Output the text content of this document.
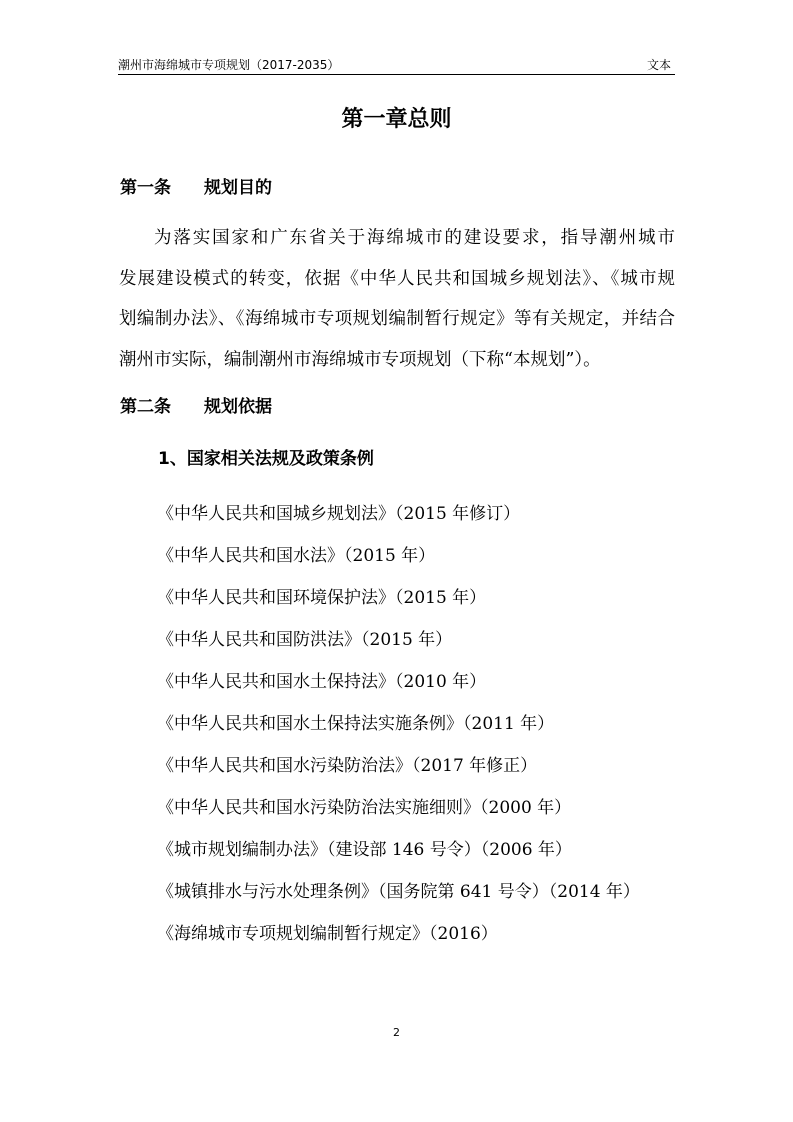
潮州市海绵城市专项规划（2017-2035）	文本
第一章总则
第一条 规划目的
为落实国家和广东省关于海绵城市的建设要求，指导潮州城市
发展建设模式的转变，依据《中华人民共和国城乡规划法》、《城市规
划编制办法》、《海绵城市专项规划编制暂行规定》等有关规定，并结合
潮州市实际，编制潮州市海绵城市专项规划（下称“本规划”）。
第二条 规划依据
1、国家相关法规及政策条例
《中华人民共和国城乡规划法》（2015 年修订）
《中华人民共和国水法》（2015 年）
《中华人民共和国环境保护法》（2015 年）
《中华人民共和国防洪法》（2015 年）
《中华人民共和国水土保持法》（2010 年）
《中华人民共和国水土保持法实施条例》（2011 年）
《中华人民共和国水污染防治法》（2017 年修正）
《中华人民共和国水污染防治法实施细则》（2000 年）
《城市规划编制办法》（建设部 146 号令）（2006 年）
《城镇排水与污水处理条例》（国务院第 641 号令）（2014 年）
《海绵城市专项规划编制暂行规定》（2016）
2
